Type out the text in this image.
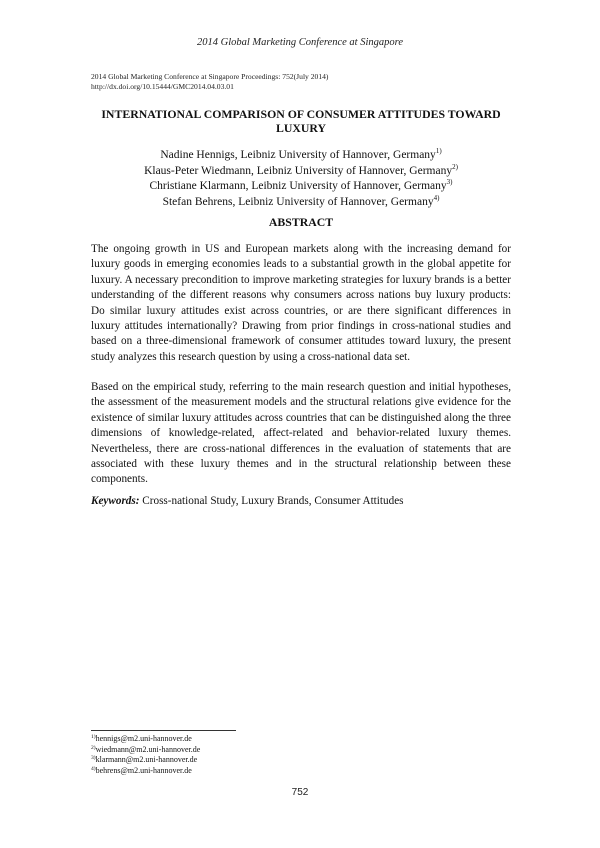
2014 Global Marketing Conference at Singapore
2014 Global Marketing Conference at Singapore Proceedings: 752(July 2014)
http://dx.doi.org/10.15444/GMC2014.04.03.01
INTERNATIONAL COMPARISON OF CONSUMER ATTITUDES TOWARD LUXURY
Nadine Hennigs, Leibniz University of Hannover, Germany$^{1)}$
Klaus-Peter Wiedmann, Leibniz University of Hannover, Germany$^{2)}$
Christiane Klarmann, Leibniz University of Hannover, Germany$^{3)}$
Stefan Behrens, Leibniz University of Hannover, Germany$^{4)}$
ABSTRACT

The ongoing growth in US and European markets along with the increasing demand for luxury goods in emerging economies leads to a substantial growth in the global appetite for luxury. A necessary precondition to improve marketing strategies for luxury brands is a better understanding of the different reasons why consumers across nations buy luxury products: Do similar luxury attitudes exist across countries, or are there significant differences in luxury attitudes internationally? Drawing from prior findings in cross-national studies and based on a three-dimensional framework of consumer attitudes toward luxury, the present study analyzes this research question by using a cross-national data set.

Based on the empirical study, referring to the main research question and initial hypotheses, the assessment of the measurement models and the structural relations give evidence for the existence of similar luxury attitudes across countries that can be distinguished along the three dimensions of knowledge-related, affect-related and behavior-related luxury themes. Nevertheless, there are cross-national differences in the evaluation of statements that are associated with these luxury themes and in the structural relationship between these components.

Keywords: Cross-national Study, Luxury Brands, Consumer Attitudes
$^{1)}$hennigs@m2.uni-hannover.de
$^{2)}$wiedmann@m2.uni-hannover.de
$^{3)}$klarmann@m2.uni-hannover.de
$^{4)}$behrens@m2.uni-hannover.de
752
